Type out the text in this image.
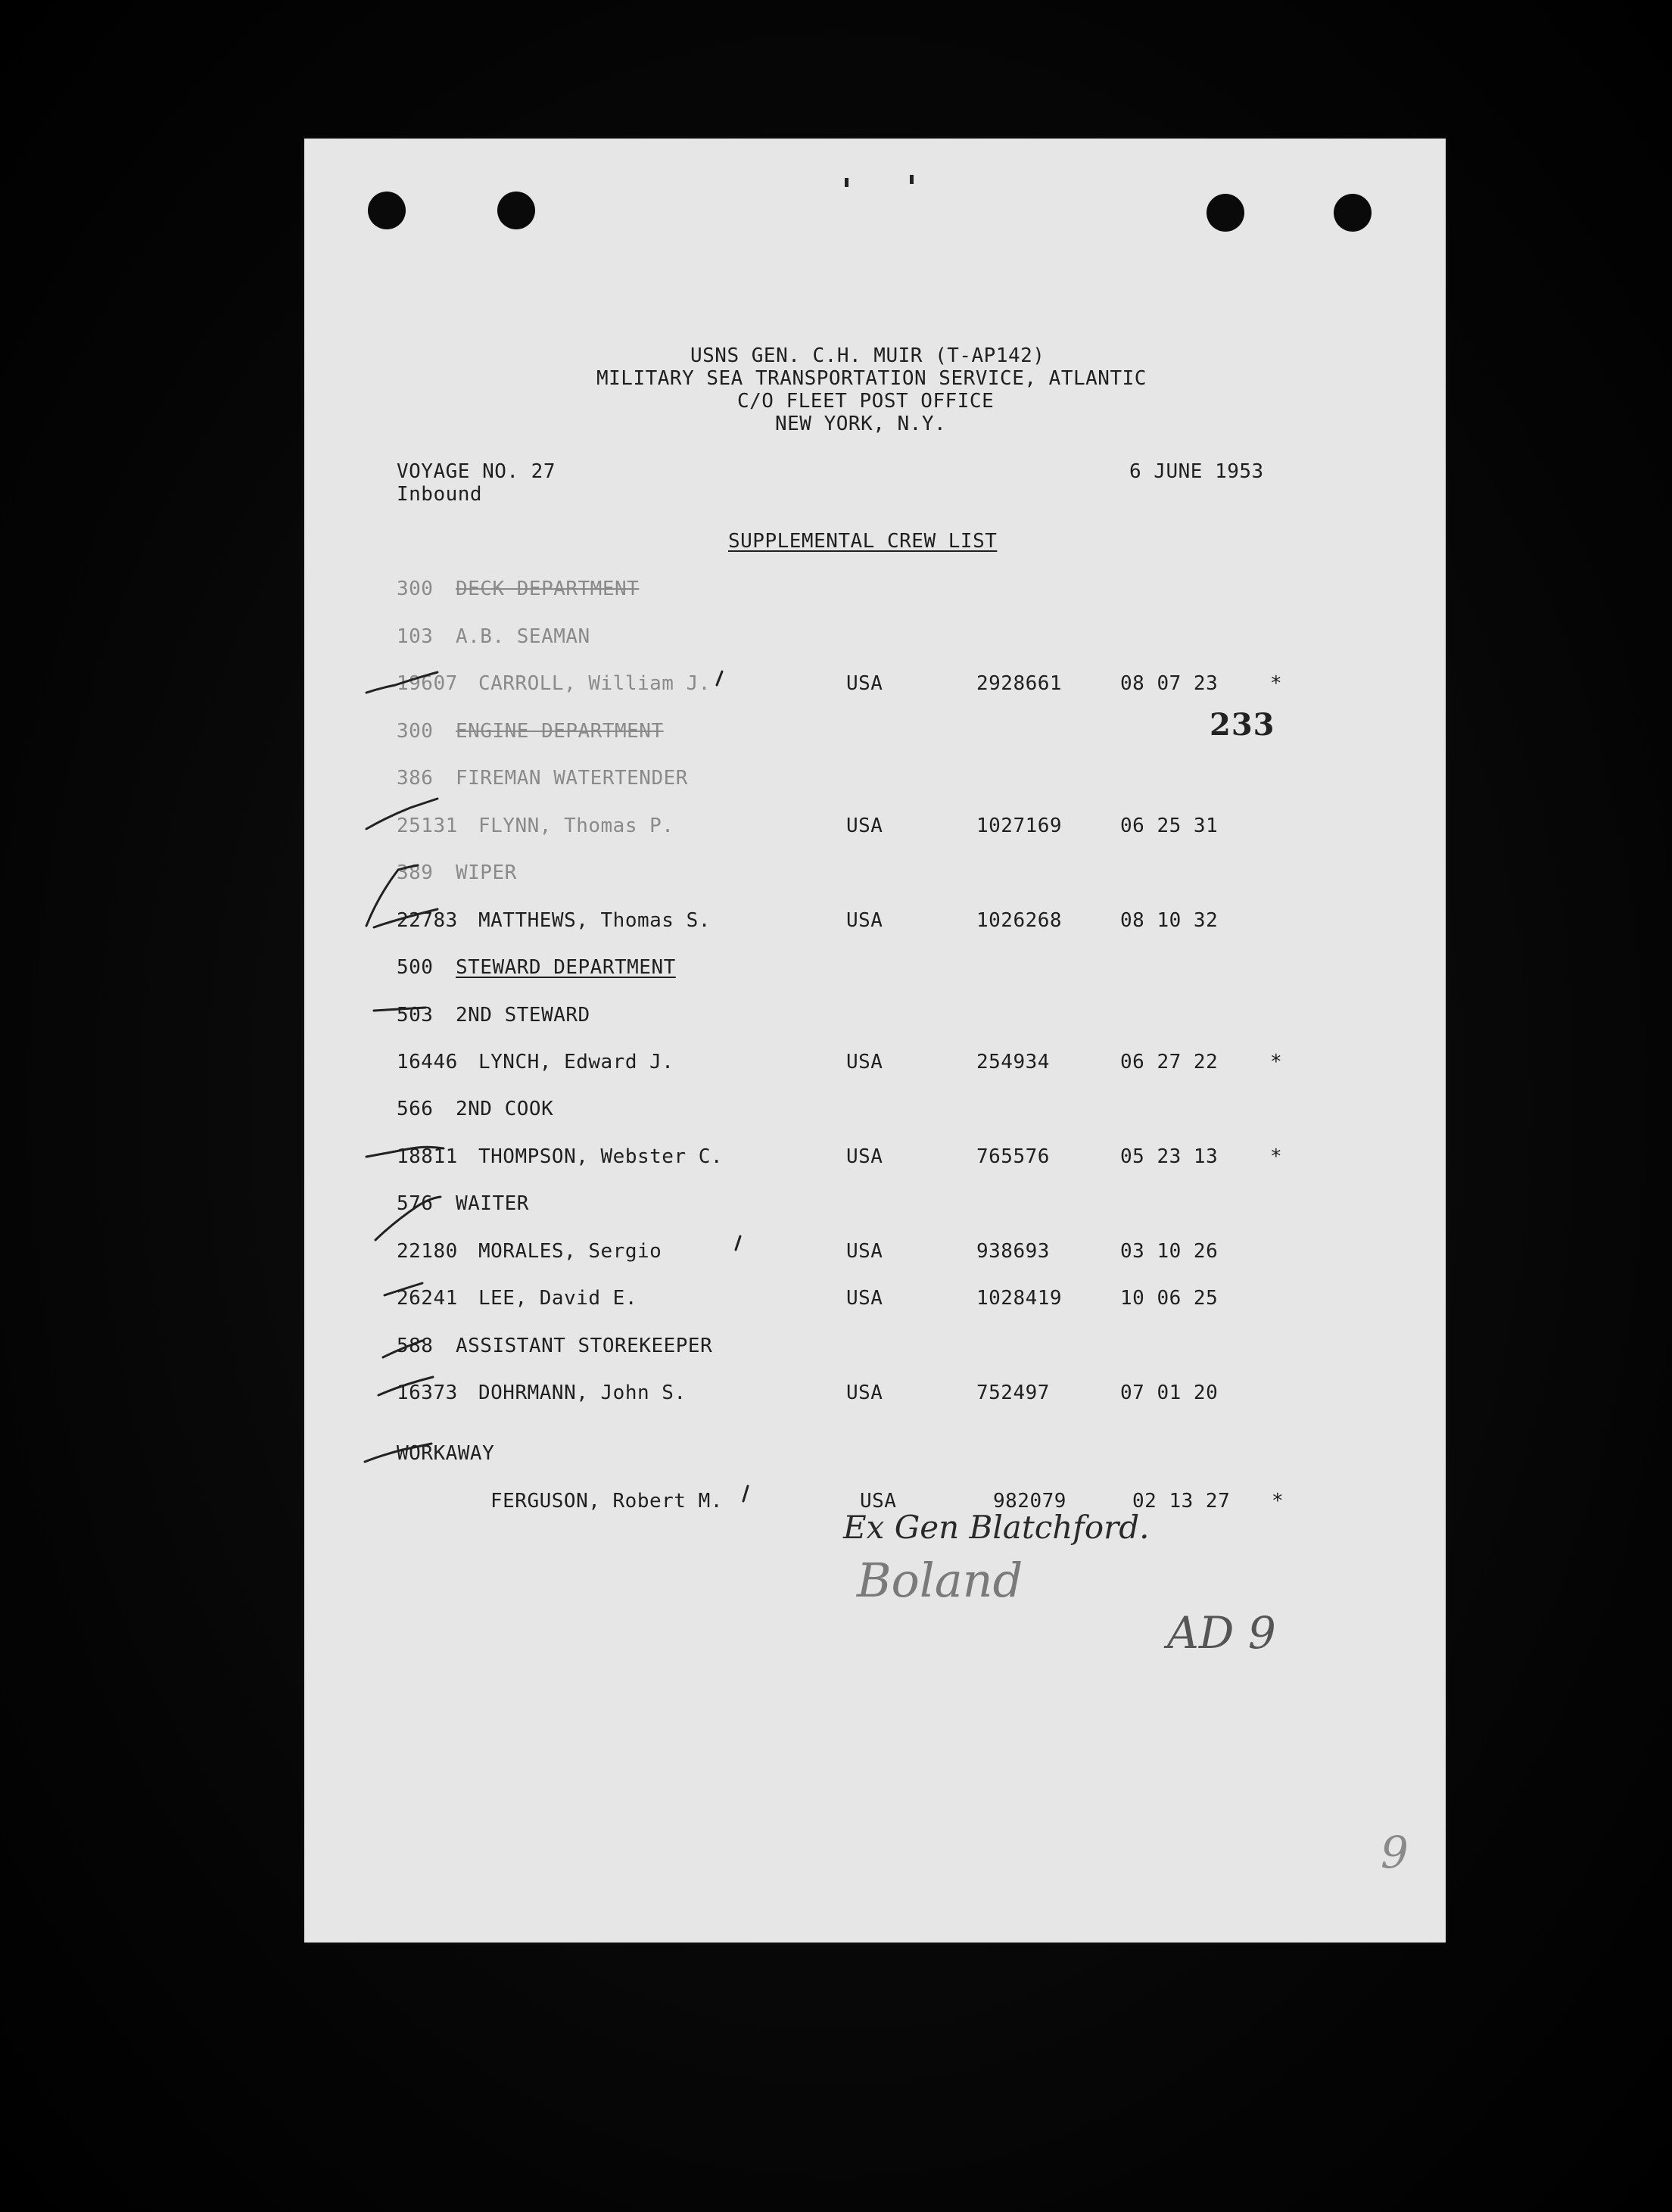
USNS GEN. C.H. MUIR (T-AP142)
MILITARY SEA TRANSPORTATION SERVICE, ATLANTIC
C/O FLEET POST OFFICE
NEW YORK, N.Y.
VOYAGE NO. 27
Inbound
6 JUNE 1953
SUPPLEMENTAL CREW LIST
300 DECK DEPARTMENT
103 A.B. SEAMAN
19607 CARROLL, William J.	USA	2928661	08 07 23	*
233
300 ENGINE DEPARTMENT
386 FIREMAN WATERTENDER
25131 FLYNN, Thomas P.	USA	1027169	06 25 31
389 WIPER
22783 MATTHEWS, Thomas S.	USA	1026268	08 10 32
500 STEWARD DEPARTMENT
503 2ND STEWARD
16446 LYNCH, Edward J.	USA	254934	06 27 22	*
566 2ND COOK
18811 THOMPSON, Webster C.	USA	765576	05 23 13	*
576 WAITER
22180 MORALES, Sergio	USA	938693	03 10 26
26241 LEE, David E.	USA	1028419	10 06 25
588 ASSISTANT STOREKEEPER
16373 DOHRMANN, John S.	USA	752497	07 01 20
WORKAWAY
FERGUSON, Robert M.	USA	982079	02 13 27 *
Ex Gen Blatchford.
Boland
AD 9
9
